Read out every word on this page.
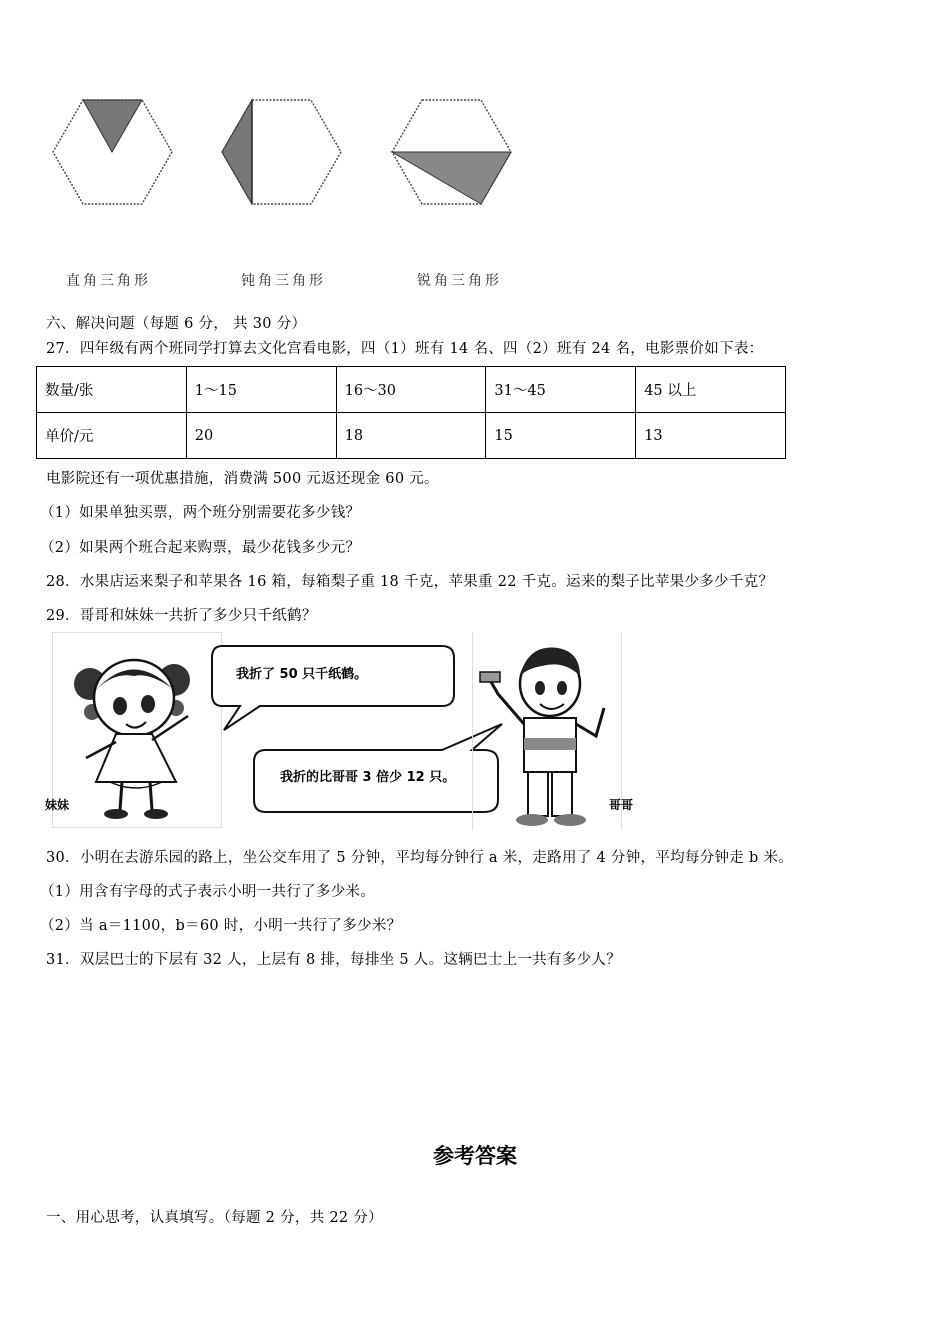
直角三角形	钝角三角形	锐角三角形
六、解决问题（每题 6 分， 共 30 分）
27．四年级有两个班同学打算去文化宫看电影，四（1）班有 14 名、四（2）班有 24 名，电影票价如下表：
数量/张	1～15	16～30	31～45	45 以上
单价/元	20	18	15	13
电影院还有一项优惠措施，消费满 500 元返还现金 60 元。
（1）如果单独买票，两个班分别需要花多少钱？
（2）如果两个班合起来购票，最少花钱多少元？
28．水果店运来梨子和苹果各 16 箱，每箱梨子重 18 千克，苹果重 22 千克。运来的梨子比苹果少多少千克？
29．哥哥和妹妹一共折了多少只千纸鹤？
妹妹
我折了 50 只千纸鹤。
我折的比哥哥 3 倍少 12 只。
哥哥
30．小明在去游乐园的路上，坐公交车用了 5 分钟，平均每分钟行 a 米，走路用了 4 分钟，平均每分钟走 b 米。
（1）用含有字母的式子表示小明一共行了多少米。
（2）当 a＝1100，b＝60 时，小明一共行了多少米？
31．双层巴士的下层有 32 人，上层有 8 排，每排坐 5 人。这辆巴士上一共有多少人？
参考答案
一、用心思考，认真填写。（每题 2 分，共 22 分）
